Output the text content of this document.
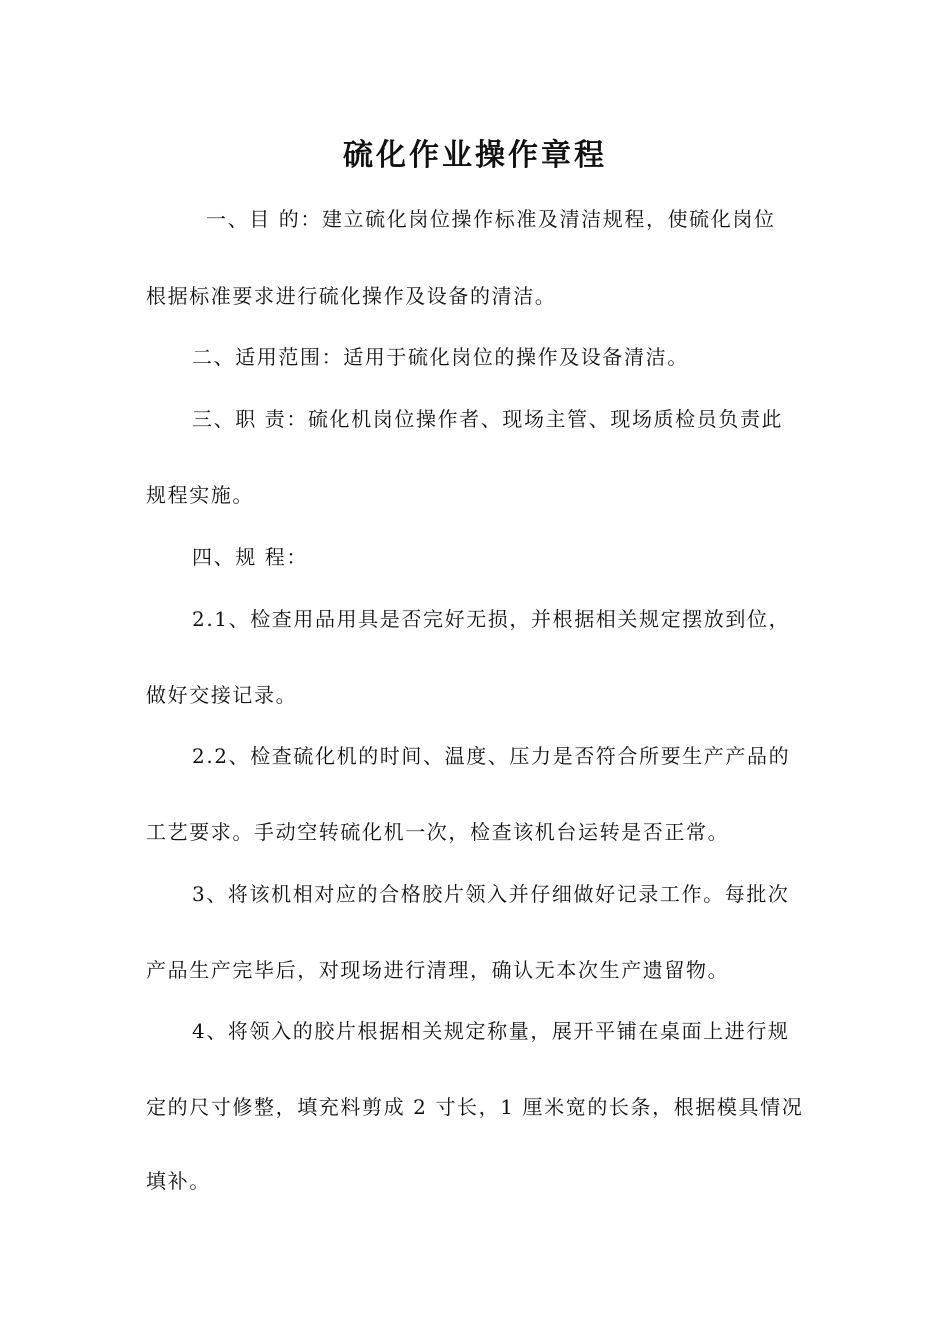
硫化作业操作章程
一、目 的：建立硫化岗位操作标准及清洁规程，使硫化岗位
根据标准要求进行硫化操作及设备的清洁。
二、适用范围：适用于硫化岗位的操作及设备清洁。
三、职 责：硫化机岗位操作者、现场主管、现场质检员负责此
规程实施。
四、规 程：
2.1、检查用品用具是否完好无损，并根据相关规定摆放到位，
做好交接记录。
2.2、检查硫化机的时间、温度、压力是否符合所要生产产品的
工艺要求。手动空转硫化机一次，检查该机台运转是否正常。
3、将该机相对应的合格胶片领入并仔细做好记录工作。每批次
产品生产完毕后，对现场进行清理，确认无本次生产遗留物。
4、将领入的胶片根据相关规定称量，展开平铺在桌面上进行规
定的尺寸修整，填充料剪成 2 寸长，1 厘米宽的长条，根据模具情况
填补。
